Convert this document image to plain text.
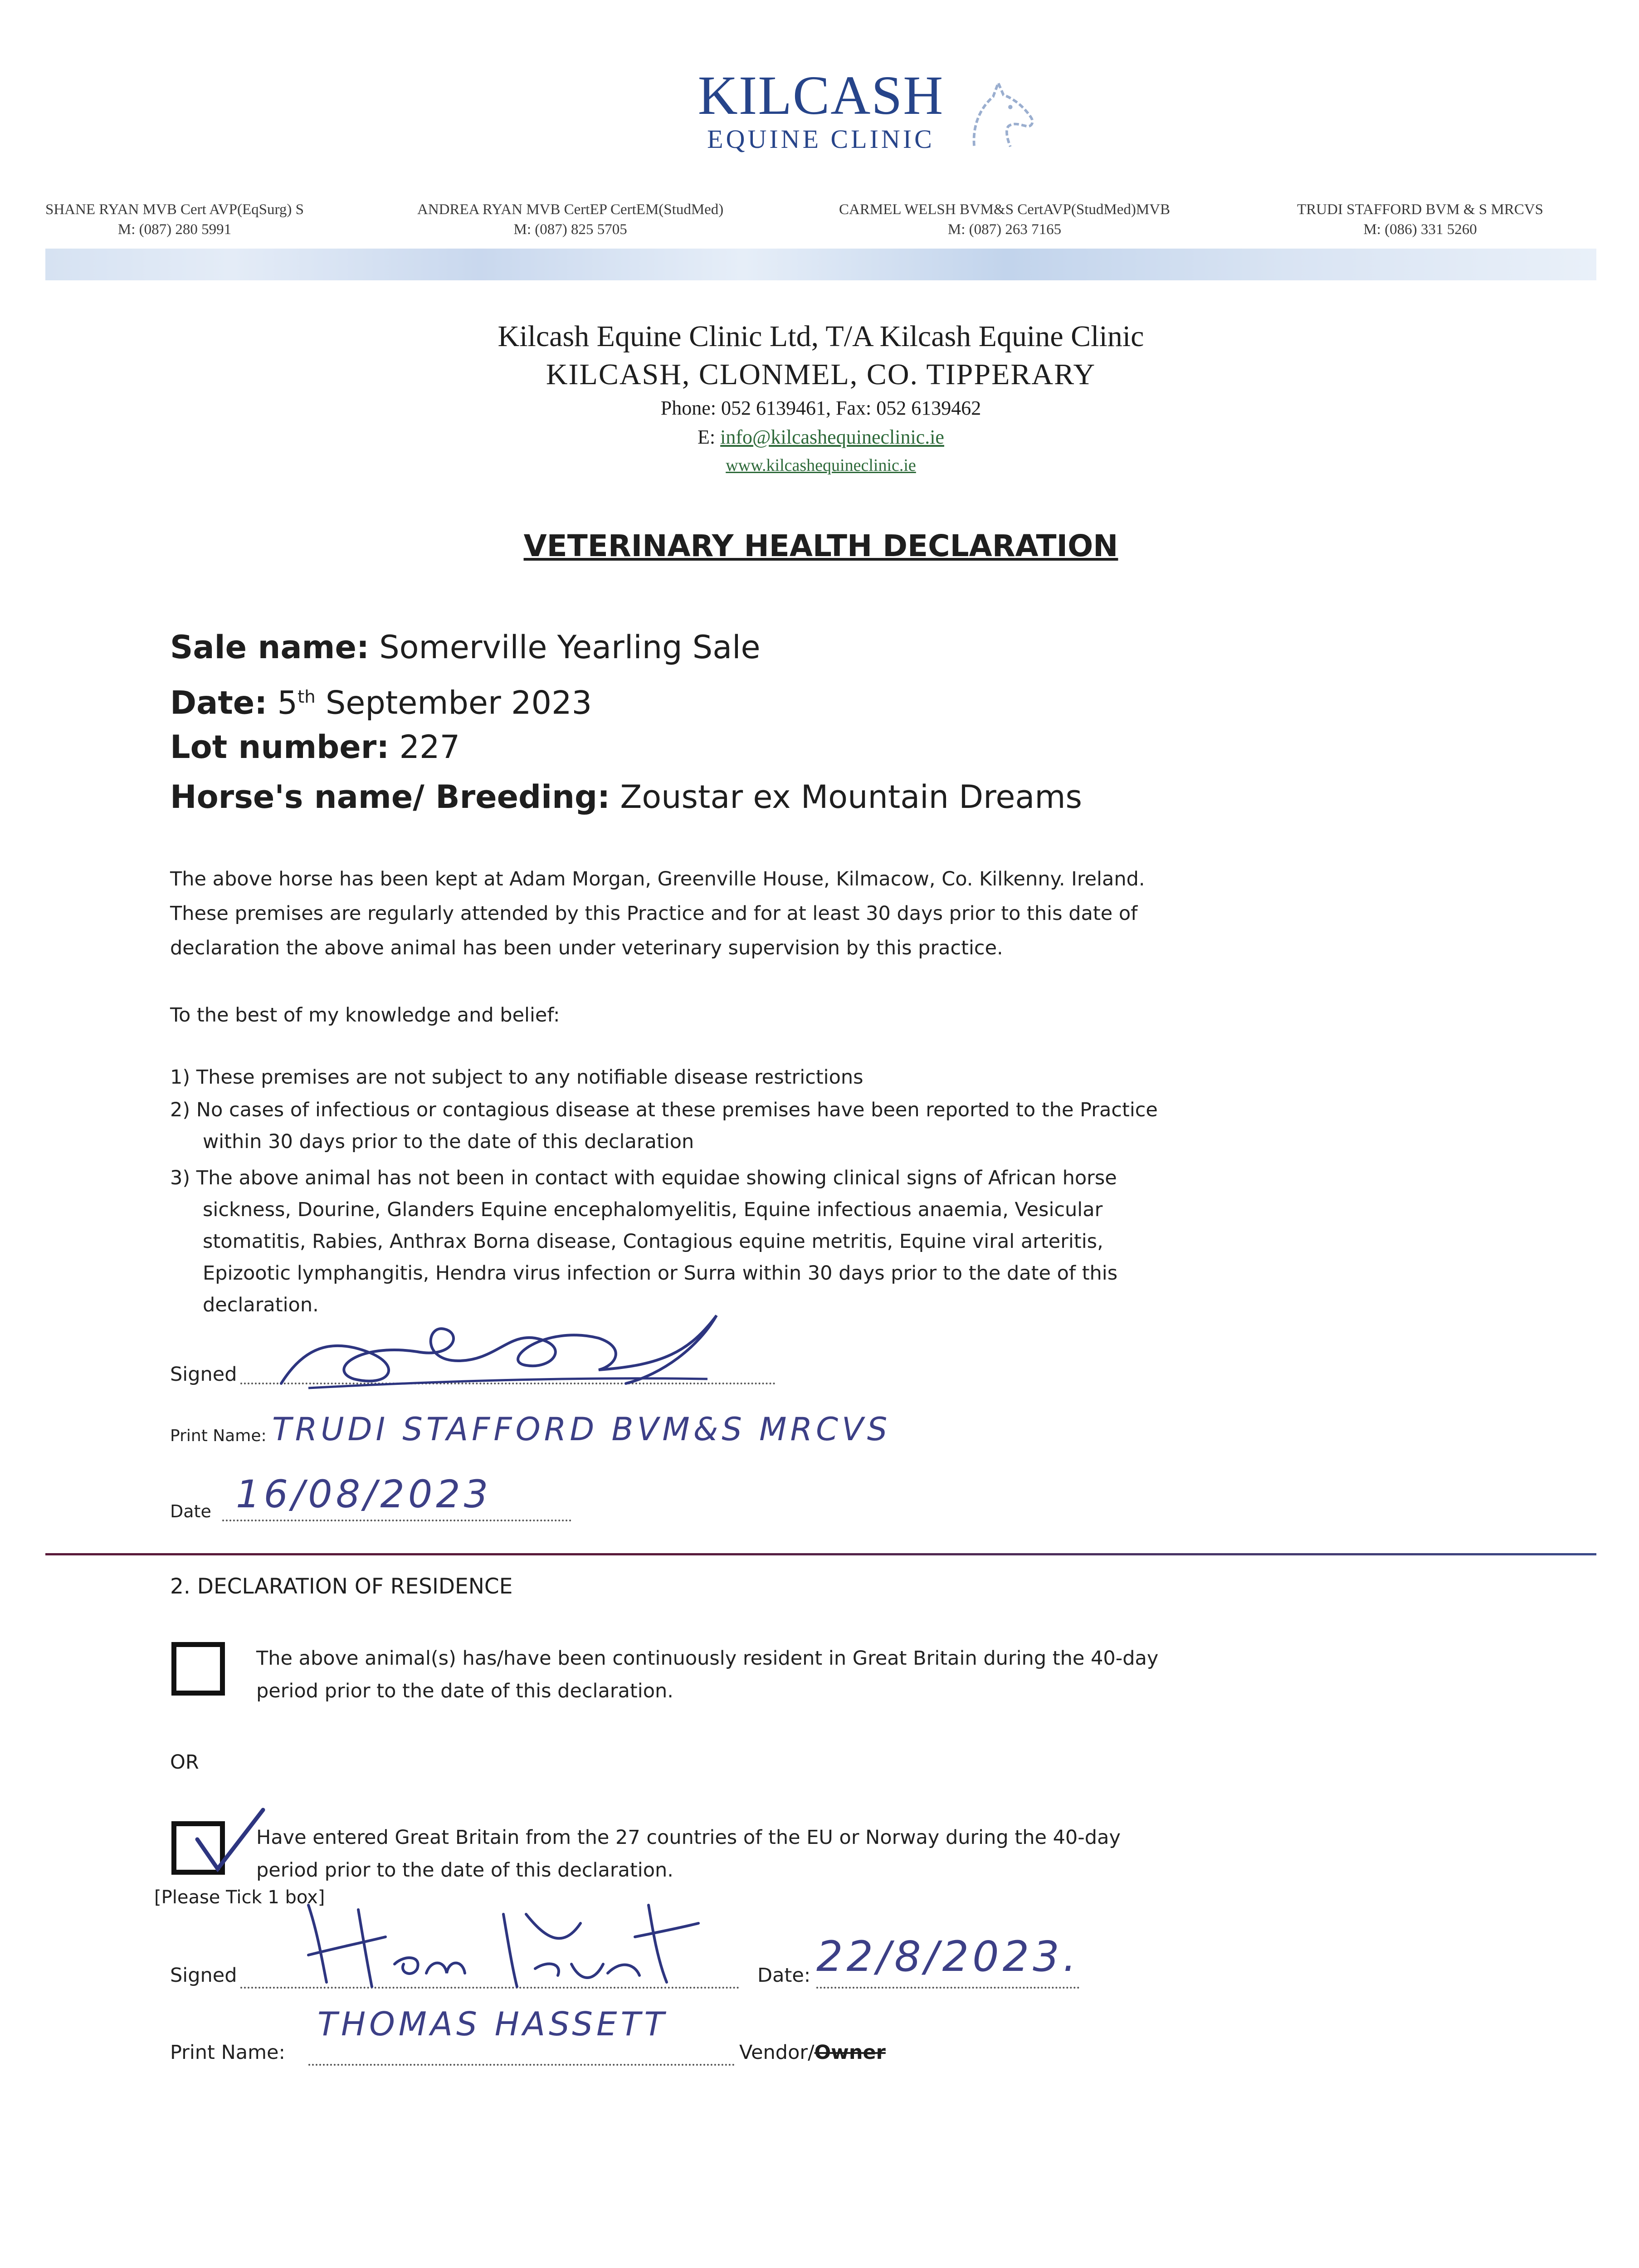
KILCASH
EQUINE CLINIC
SHANE RYAN MVB Cert AVP(EqSurg) S
M: (087) 280 5991
ANDREA RYAN MVB CertEP CertEM(StudMed)
M: (087) 825 5705
CARMEL WELSH BVM&S CertAVP(StudMed)MVB
M: (087) 263 7165
TRUDI STAFFORD BVM & S MRCVS
M: (086) 331 5260
Kilcash Equine Clinic Ltd, T/A Kilcash Equine Clinic
KILCASH, CLONMEL, CO. TIPPERARY
Phone: 052 6139461, Fax: 052 6139462
E: info@kilcashequineclinic.ie
www.kilcashequineclinic.ie
VETERINARY HEALTH DECLARATION
Sale name: Somerville Yearling Sale
Date: 5th September 2023
Lot number: 227
Horse's name/ Breeding: Zoustar ex Mountain Dreams
The above horse has been kept at Adam Morgan, Greenville House, Kilmacow, Co. Kilkenny. Ireland.
These premises are regularly attended by this Practice and for at least 30 days prior to this date of
declaration the above animal has been under veterinary supervision by this practice.
To the best of my knowledge and belief:
1) These premises are not subject to any notifiable disease restrictions
2) No cases of infectious or contagious disease at these premises have been reported to the Practice
within 30 days prior to the date of this declaration
3) The above animal has not been in contact with equidae showing clinical signs of African horse
sickness, Dourine, Glanders Equine encephalomyelitis, Equine infectious anaemia, Vesicular
stomatitis, Rabies, Anthrax Borna disease, Contagious equine metritis, Equine viral arteritis,
Epizootic lymphangitis, Hendra virus infection or Surra within 30 days prior to the date of this
declaration.
Signed
Print Name: TRUDI STAFFORD BVM&S MRCVS
Date 16/08/2023
2. DECLARATION OF RESIDENCE
The above animal(s) has/have been continuously resident in Great Britain during the 40-day
period prior to the date of this declaration.
OR
Have entered Great Britain from the 27 countries of the EU or Norway during the 40-day
period prior to the date of this declaration.
[Please Tick 1 box]
Signed	Date: 22/8/2023.
Print Name:
THOMAS HASSETT
Vendor/Owner
